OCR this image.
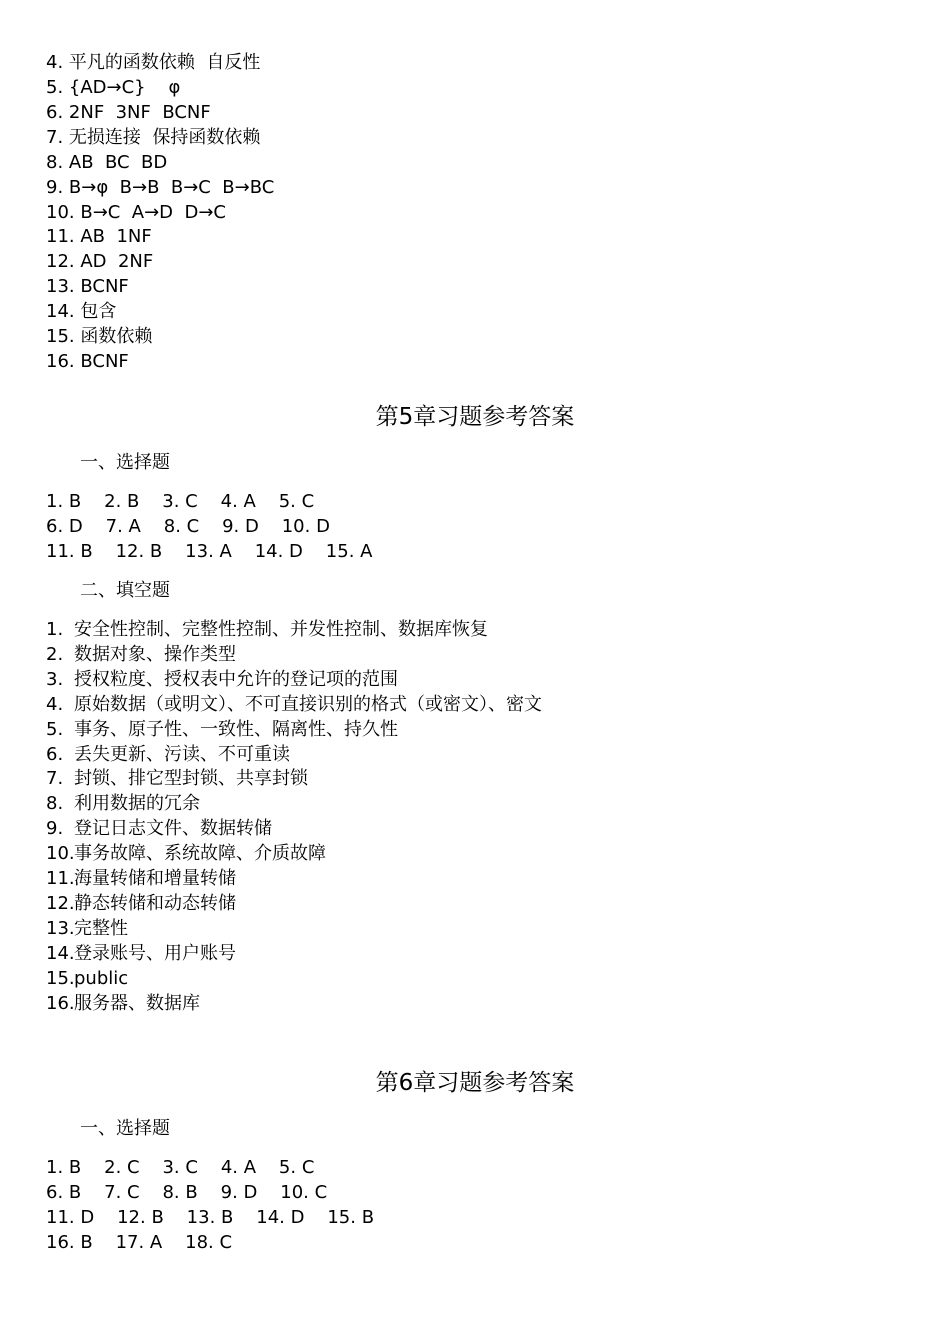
4. 平凡的函数依赖  自反性
5. {AD→C}    φ
6. 2NF  3NF  BCNF
7. 无损连接  保持函数依赖
8. AB  BC  BD
9. B→φ  B→B  B→C  B→BC
10. B→C  A→D  D→C
11. AB  1NF
12. AD  2NF
13. BCNF
14. 包含
15. 函数依赖
16. BCNF
第5章习题参考答案
一、选择题
1. B    2. B    3. C    4. A    5. C
6. D    7. A    8. C    9. D    10. D
11. B    12. B    13. A    14. D    15. A
二、填空题
1. 安全性控制、完整性控制、并发性控制、数据库恢复
2. 数据对象、操作类型
3. 授权粒度、授权表中允许的登记项的范围
4. 原始数据（或明文）、不可直接识别的格式（或密文）、密文
5. 事务、原子性、一致性、隔离性、持久性
6. 丢失更新、污读、不可重读
7. 封锁、排它型封锁、共享封锁
8. 利用数据的冗余
9. 登记日志文件、数据转储
10.事务故障、系统故障、介质故障
11.海量转储和增量转储
12.静态转储和动态转储
13.完整性
14.登录账号、用户账号
15.public
16.服务器、数据库
第6章习题参考答案
一、选择题
1. B    2. C    3. C    4. A    5. C
6. B    7. C    8. B    9. D    10. C
11. D    12. B    13. B    14. D    15. B
16. B    17. A    18. C
